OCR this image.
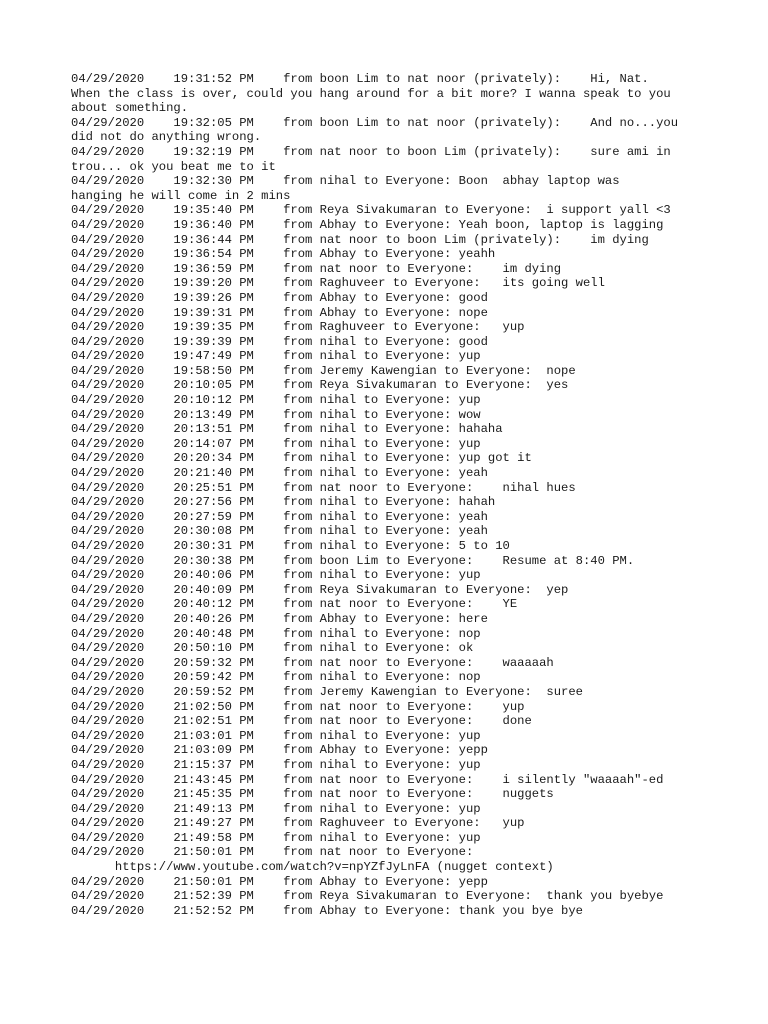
04/29/2020    19:31:52 PM    from boon Lim to nat noor (privately):    Hi, Nat.
When the class is over, could you hang around for a bit more? I wanna speak to you
about something.
04/29/2020    19:32:05 PM    from boon Lim to nat noor (privately):    And no...you
did not do anything wrong.
04/29/2020    19:32:19 PM    from nat noor to boon Lim (privately):    sure ami in
trou... ok you beat me to it
04/29/2020    19:32:30 PM    from nihal to Everyone: Boon  abhay laptop was
hanging he will come in 2 mins
04/29/2020    19:35:40 PM    from Reya Sivakumaran to Everyone:  i support yall <3
04/29/2020    19:36:40 PM    from Abhay to Everyone: Yeah boon, laptop is lagging
04/29/2020    19:36:44 PM    from nat noor to boon Lim (privately):    im dying
04/29/2020    19:36:54 PM    from Abhay to Everyone: yeahh
04/29/2020    19:36:59 PM    from nat noor to Everyone:    im dying
04/29/2020    19:39:20 PM    from Raghuveer to Everyone:   its going well
04/29/2020    19:39:26 PM    from Abhay to Everyone: good
04/29/2020    19:39:31 PM    from Abhay to Everyone: nope
04/29/2020    19:39:35 PM    from Raghuveer to Everyone:   yup
04/29/2020    19:39:39 PM    from nihal to Everyone: good
04/29/2020    19:47:49 PM    from nihal to Everyone: yup
04/29/2020    19:58:50 PM    from Jeremy Kawengian to Everyone:  nope
04/29/2020    20:10:05 PM    from Reya Sivakumaran to Everyone:  yes
04/29/2020    20:10:12 PM    from nihal to Everyone: yup
04/29/2020    20:13:49 PM    from nihal to Everyone: wow
04/29/2020    20:13:51 PM    from nihal to Everyone: hahaha
04/29/2020    20:14:07 PM    from nihal to Everyone: yup
04/29/2020    20:20:34 PM    from nihal to Everyone: yup got it
04/29/2020    20:21:40 PM    from nihal to Everyone: yeah
04/29/2020    20:25:51 PM    from nat noor to Everyone:    nihal hues
04/29/2020    20:27:56 PM    from nihal to Everyone: hahah
04/29/2020    20:27:59 PM    from nihal to Everyone: yeah
04/29/2020    20:30:08 PM    from nihal to Everyone: yeah
04/29/2020    20:30:31 PM    from nihal to Everyone: 5 to 10
04/29/2020    20:30:38 PM    from boon Lim to Everyone:    Resume at 8:40 PM.
04/29/2020    20:40:06 PM    from nihal to Everyone: yup
04/29/2020    20:40:09 PM    from Reya Sivakumaran to Everyone:  yep
04/29/2020    20:40:12 PM    from nat noor to Everyone:    YE
04/29/2020    20:40:26 PM    from Abhay to Everyone: here
04/29/2020    20:40:48 PM    from nihal to Everyone: nop
04/29/2020    20:50:10 PM    from nihal to Everyone: ok
04/29/2020    20:59:32 PM    from nat noor to Everyone:    waaaaah
04/29/2020    20:59:42 PM    from nihal to Everyone: nop
04/29/2020    20:59:52 PM    from Jeremy Kawengian to Everyone:  suree
04/29/2020    21:02:50 PM    from nat noor to Everyone:    yup
04/29/2020    21:02:51 PM    from nat noor to Everyone:    done
04/29/2020    21:03:01 PM    from nihal to Everyone: yup
04/29/2020    21:03:09 PM    from Abhay to Everyone: yepp
04/29/2020    21:15:37 PM    from nihal to Everyone: yup
04/29/2020    21:43:45 PM    from nat noor to Everyone:    i silently "waaaah"-ed
04/29/2020    21:45:35 PM    from nat noor to Everyone:    nuggets
04/29/2020    21:49:13 PM    from nihal to Everyone: yup
04/29/2020    21:49:27 PM    from Raghuveer to Everyone:   yup
04/29/2020    21:49:58 PM    from nihal to Everyone: yup
04/29/2020    21:50:01 PM    from nat noor to Everyone:
https://www.youtube.com/watch?v=npYZfJyLnFA (nugget context)
04/29/2020    21:50:01 PM    from Abhay to Everyone: yepp
04/29/2020    21:52:39 PM    from Reya Sivakumaran to Everyone:  thank you byebye
04/29/2020    21:52:52 PM    from Abhay to Everyone: thank you bye bye
